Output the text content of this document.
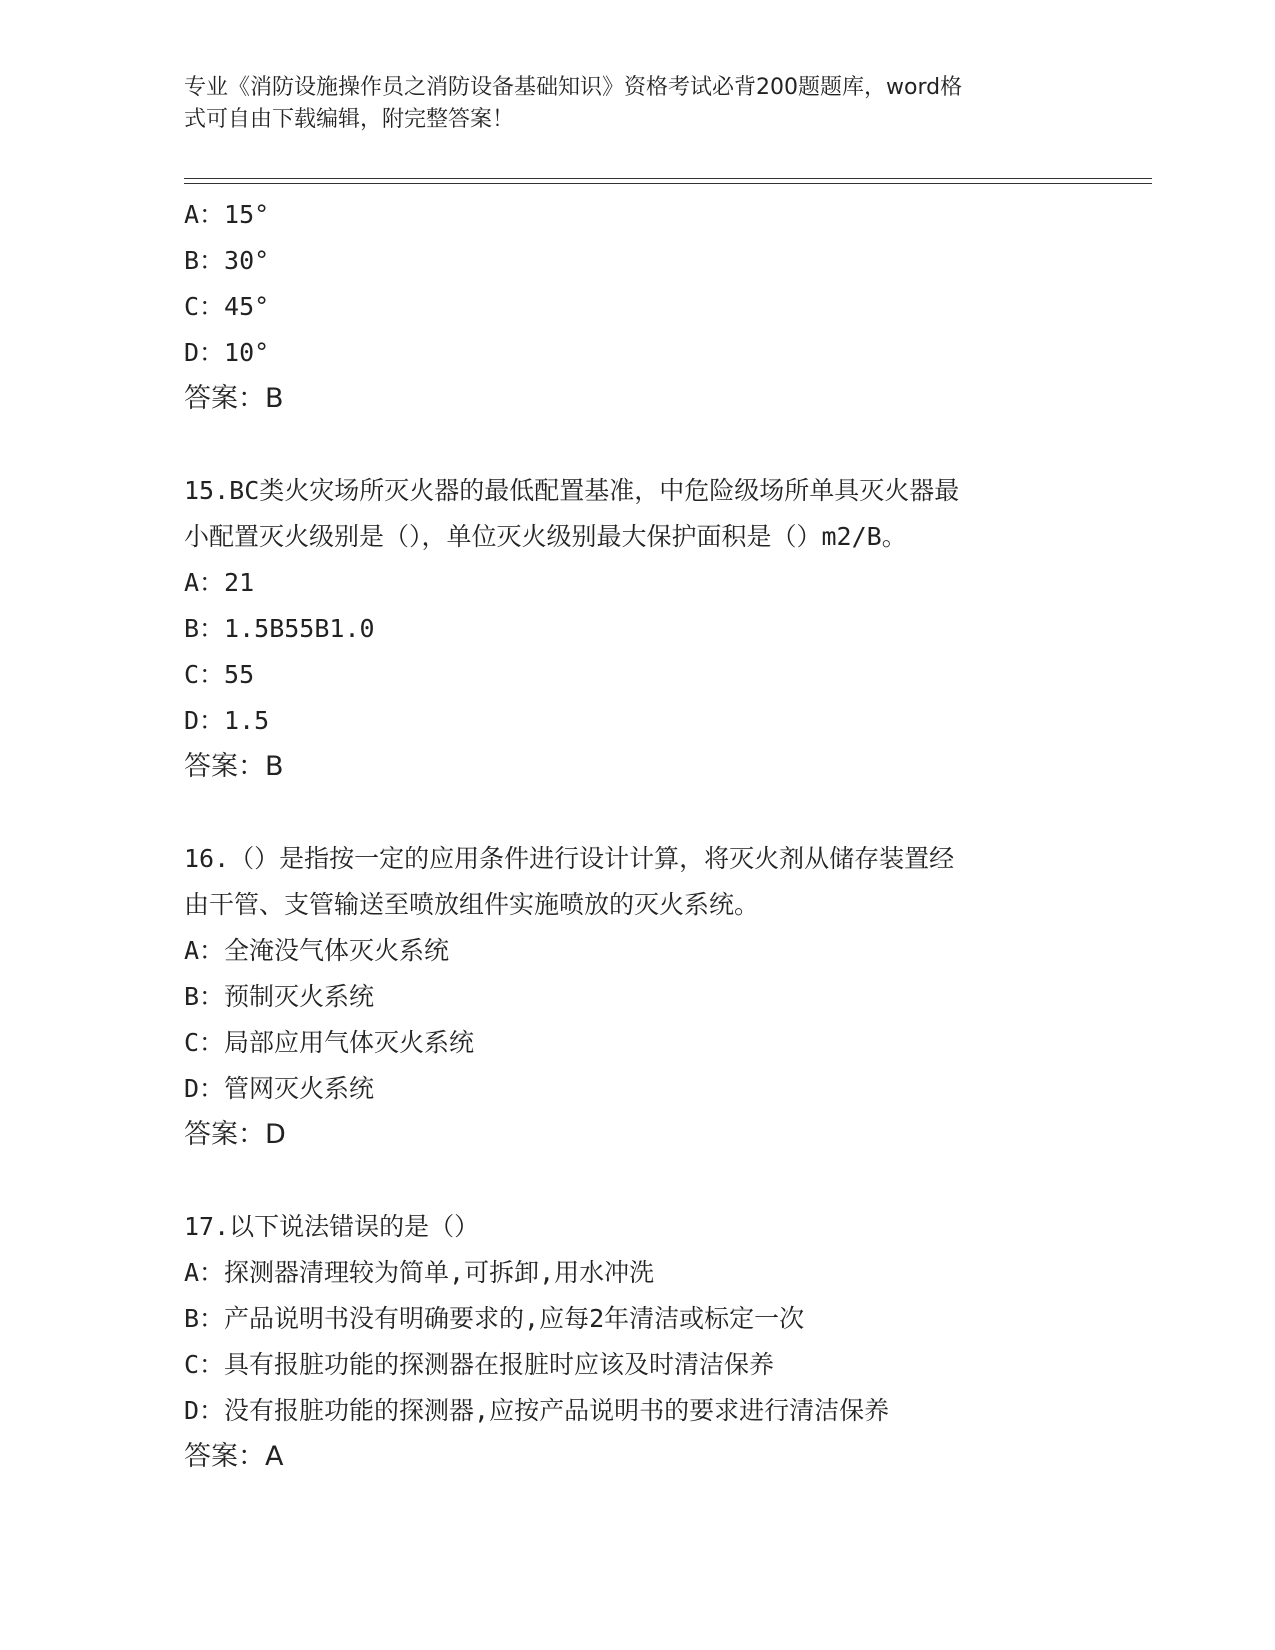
专业《消防设施操作员之消防设备基础知识》资格考试必背200题题库，word格
式可自由下载编辑，附完整答案！
A：15°
B：30°
C：45°
D：10°
答案：B
15.BC类火灾场所灭火器的最低配置基准，中危险级场所单具灭火器最
小配置灭火级别是（），单位灭火级别最大保护面积是（）m2/B。
A：21
B：1.5B55B1.0
C：55
D：1.5
答案：B
16.（）是指按一定的应用条件进行设计计算，将灭火剂从储存装置经
由干管、支管输送至喷放组件实施喷放的灭火系统。
A：全淹没气体灭火系统
B：预制灭火系统
C：局部应用气体灭火系统
D：管网灭火系统
答案：D
17.以下说法错误的是（）
A：探测器清理较为简单,可拆卸,用水冲洗
B：产品说明书没有明确要求的,应每2年清洁或标定一次
C：具有报脏功能的探测器在报脏时应该及时清洁保养
D：没有报脏功能的探测器,应按产品说明书的要求进行清洁保养
答案：A
